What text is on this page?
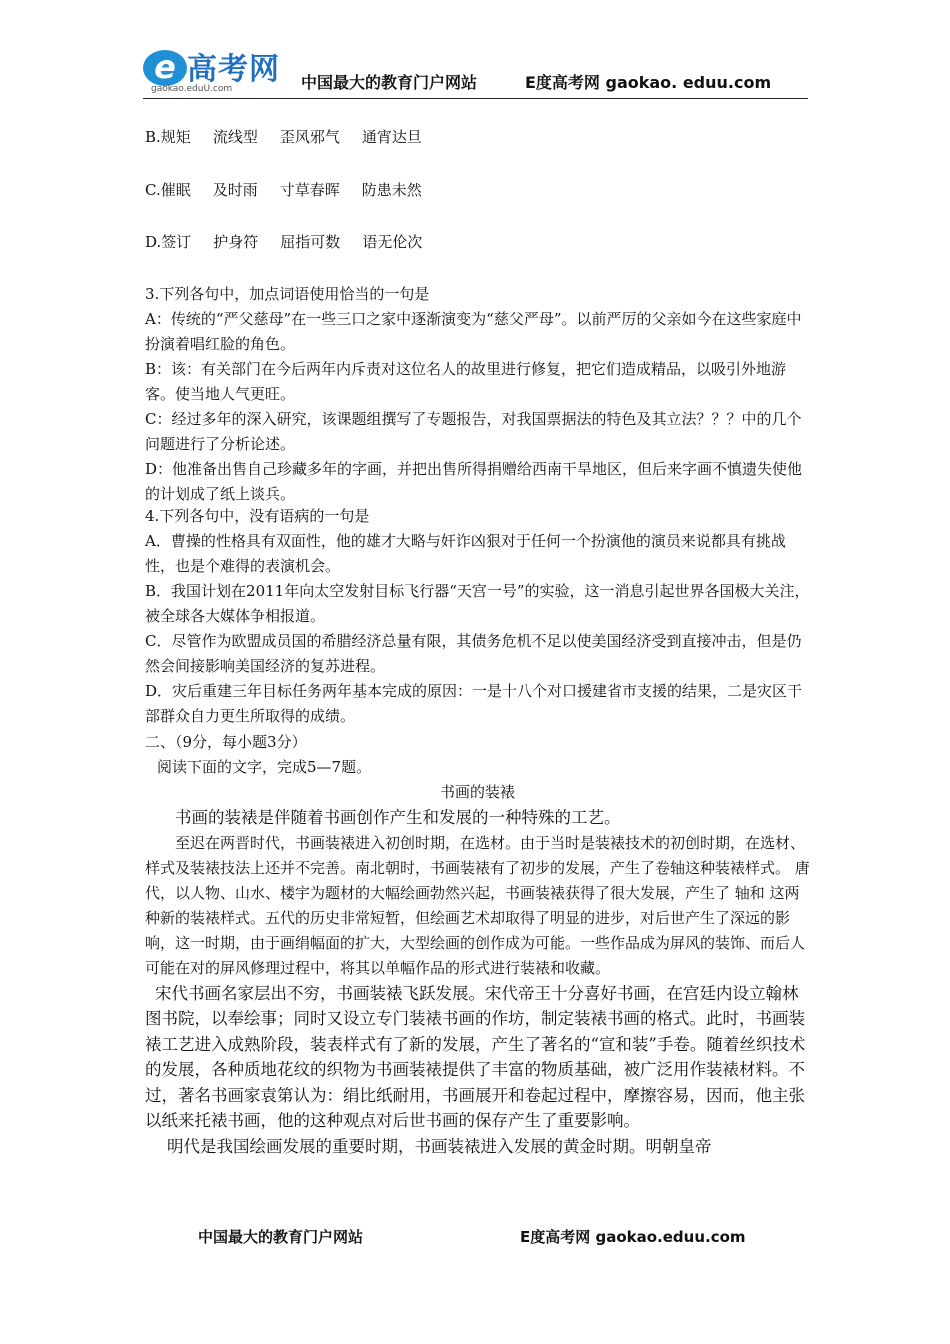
e 高考网
gaokao.eduU.com	中国最大的教育门户网站	E度高考网 gaokao. eduu.com
B.规矩 流线型 歪风邪气 通宵达旦
C.催眠 及时雨 寸草春晖 防患未然
D.签订 护身符 屈指可数 语无伦次
3.下列各句中，加点词语使用恰当的一句是
A：传统的“严父慈母”在一些三口之家中逐渐演变为“慈父严母”。以前严厉的父亲如今在这些家庭中扮演着唱红脸的角色。
B：该：有关部门在今后两年内斥责对这位名人的故里进行修复，把它们造成精品，以吸引外地游客。使当地人气更旺。
C：经过多年的深入研究，该课题组撰写了专题报告，对我国票据法的特色及其立法？？？中的几个问题进行了分析论述。
D：他准备出售自己珍藏多年的字画，并把出售所得捐赠给西南干旱地区，但后来字画不慎遗失使他的计划成了纸上谈兵。
4.下列各句中，没有语病的一句是
A．曹操的性格具有双面性，他的雄才大略与奸诈凶狠对于任何一个扮演他的演员来说都具有挑战性，也是个难得的表演机会。
B．我国计划在2011年向太空发射目标飞行器“天宫一号”的实验，这一消息引起世界各国极大关注，被全球各大媒体争相报道。
C．尽管作为欧盟成员国的希腊经济总量有限，其债务危机不足以使美国经济受到直接冲击，但是仍然会间接影响美国经济的复苏进程。
D．灾后重建三年目标任务两年基本完成的原因：一是十八个对口援建省市支援的结果，二是灾区干部群众自力更生所取得的成绩。
二、（9分，每小题3分）
阅读下面的文字，完成5—7题。
书画的装裱
书画的装裱是伴随着书画创作产生和发展的一种特殊的工艺。
至迟在两晋时代，书画装裱进入初创时期，在选材。由于当时是装裱技术的初创时期，在选材、样式及装裱技法上还并不完善。南北朝时，书画装裱有了初步的发展，产生了卷轴这种装裱样式。 唐代，以人物、山水、楼宇为题材的大幅绘画勃然兴起，书画装裱获得了很大发展，产生了 轴和 这两种新的装裱样式。五代的历史非常短暂，但绘画艺术却取得了明显的进步，对后世产生了深远的影响，这一时期，由于画绢幅面的扩大，大型绘画的创作成为可能。一些作品成为屏风的装饰、而后人可能在对的屏风修理过程中，将其以单幅作品的形式进行装裱和收藏。
宋代书画名家层出不穷，书画装裱飞跃发展。宋代帝王十分喜好书画，在宫廷内设立翰林图书院，以奉绘事；同时又设立专门装裱书画的作坊，制定装裱书画的格式。此时，书画装裱工艺进入成熟阶段，装表样式有了新的发展，产生了著名的“宣和装”手卷。随着丝织技术的发展，各种质地花纹的织物为书画装裱提供了丰富的物质基础，被广泛用作装裱材料。不过，著名书画家袁第认为：绢比纸耐用，书画展开和卷起过程中，摩擦容易，因而，他主张以纸来托裱书画，他的这种观点对后世书画的保存产生了重要影响。
明代是我国绘画发展的重要时期，书画装裱进入发展的黄金时期。明朝皇帝
中国最大的教育门户网站	E度高考网 gaokao.eduu.com
